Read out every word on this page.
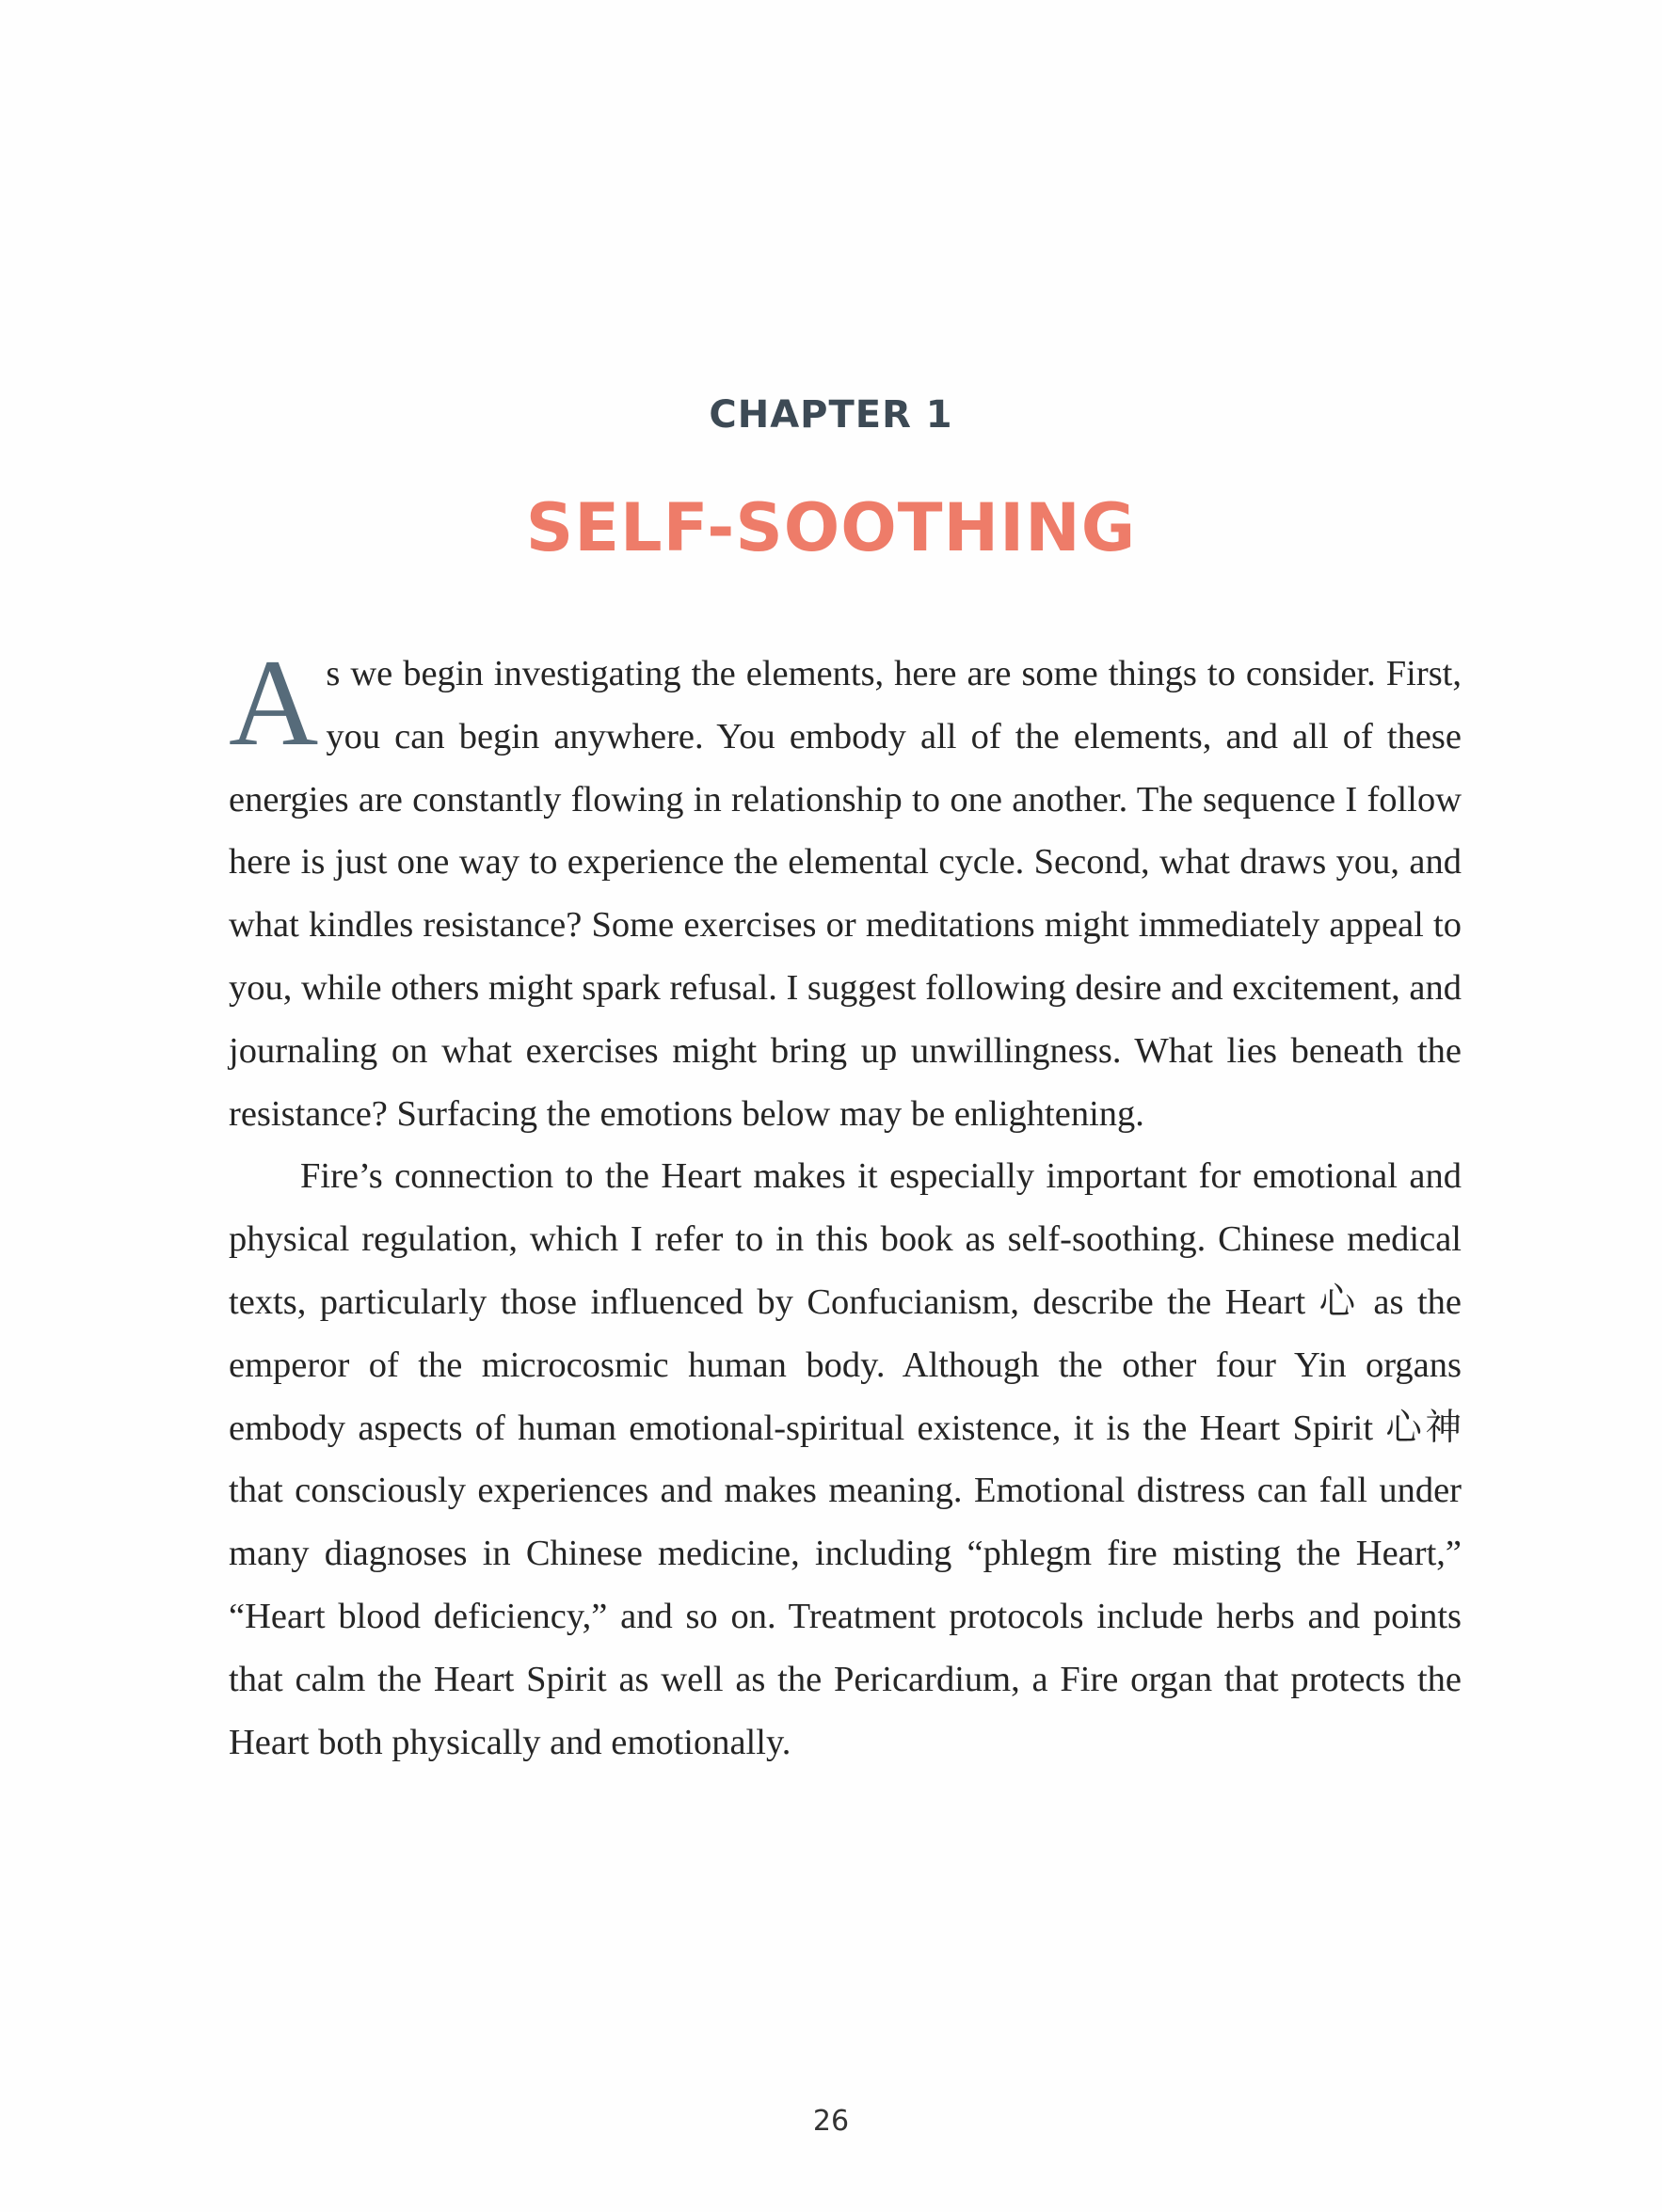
CHAPTER 1
SELF-SOOTHING

As we begin investigating the elements, here are some things to consider. First, you can begin anywhere. You embody all of the elements, and all of these energies are constantly flowing in relationship to one another. The sequence I follow here is just one way to experience the elemental cycle. Second, what draws you, and what kindles resistance? Some exercises or meditations might immediately appeal to you, while others might spark refusal. I suggest following desire and excitement, and journaling on what exercises might bring up unwillingness. What lies beneath the resistance? Surfacing the emotions below may be enlightening.

Fire’s connection to the Heart makes it especially important for emotional and physical regulation, which I refer to in this book as self-soothing. Chinese medical texts, particularly those influenced by Confucianism, describe the Heart 心 as the emperor of the microcosmic human body. Although the other four Yin organs embody aspects of human emotional-spiritual existence, it is the Heart Spirit 心神 that consciously experiences and makes meaning. Emotional distress can fall under many diagnoses in Chinese medicine, including “phlegm fire misting the Heart,” “Heart blood deficiency,” and so on. Treatment protocols include herbs and points that calm the Heart Spirit as well as the Pericardium, a Fire organ that protects the Heart both physically and emotionally.

26
